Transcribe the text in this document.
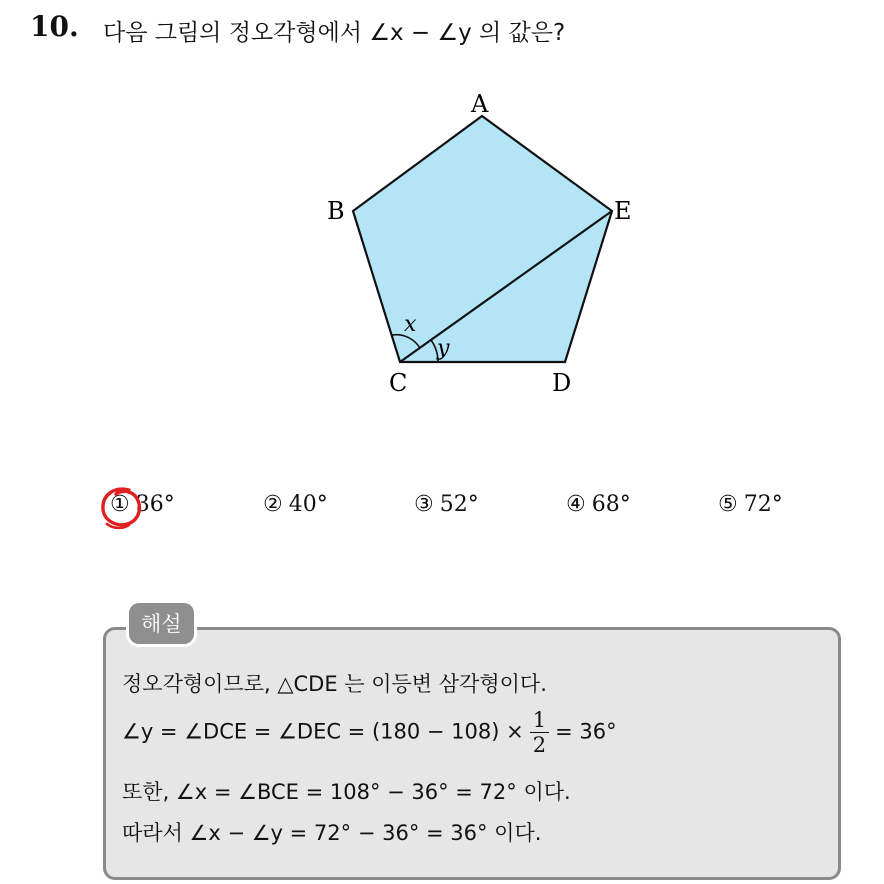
10. 다음 그림의 정오각형에서 ∠x − ∠y 의 값은?
A
B
C	D
E
x
y
① 36°	② 40°	③ 52°	④ 68°	⑤ 72°
해설
정오각형이므로, △CDE 는 이등변 삼각형이다.
∠y = ∠DCE = ∠DEC = $(180 - 108) \times \frac{1}{2} = 36^\circ$
또한, ∠x = ∠BCE = 108° − 36° = 72° 이다.
따라서 ∠x − ∠y = 72° − 36° = 36° 이다.
